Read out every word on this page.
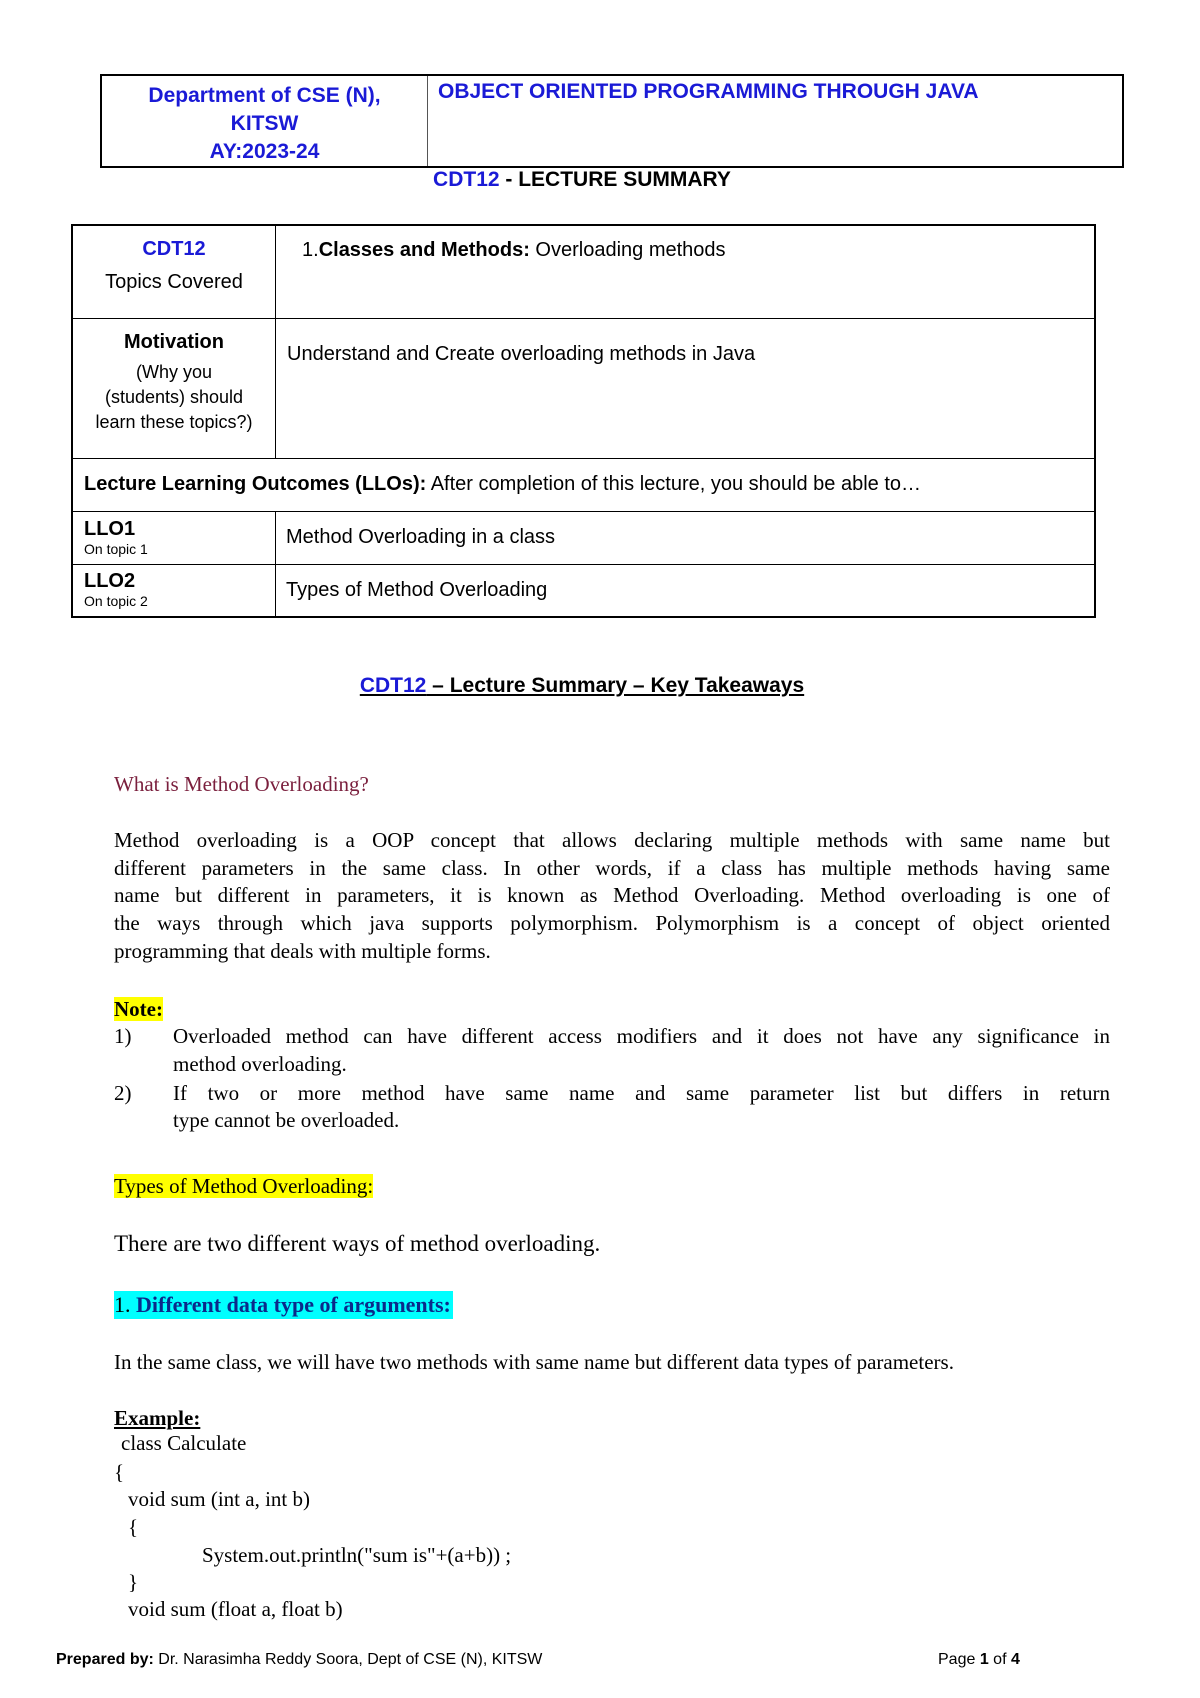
Department of CSE (N),
KITSW
AY:2023-24
	OBJECT ORIENTED PROGRAMMING THROUGH JAVA
CDT12 - LECTURE SUMMARY
CDT12
Topics Covered	1.Classes and Methods: Overloading methods

Motivation
(Why you
(students) should
learn these topics?)	Understand and Create overloading methods in Java
Lecture Learning Outcomes (LLOs): After completion of this lecture, you should be able to…	

LLO1
On topic 1	Method Overloading in a class

LLO2
On topic 2	Types of Method Overloading
CDT12 – Lecture Summary – Key Takeaways
What is Method Overloading?
Method overloading is a OOP concept that allows declaring multiple methods with same name but
different parameters in the same class. In other words, if a class has multiple methods having same
name but different in parameters, it is known as Method Overloading. Method overloading is one of
the ways through which java supports polymorphism. Polymorphism is a concept of object oriented
programming that deals with multiple forms.
Note:
1) Overloaded method can have different access modifiers and it does not have any significance in
method overloading.
2) If two or more method have same name and same parameter list but differs in return
type cannot be overloaded.
Types of Method Overloading:
There are two different ways of method overloading.
1. Different data type of arguments:
In the same class, we will have two methods with same name but different data types of parameters.
Example:
class Calculate
{
void sum (int a, int b)
{
System.out.println("sum is"+(a+b)) ;
}
void sum (float a, float b)
Prepared by: Dr. Narasimha Reddy Soora, Dept of CSE (N), KITSW	Page 1 of 4
